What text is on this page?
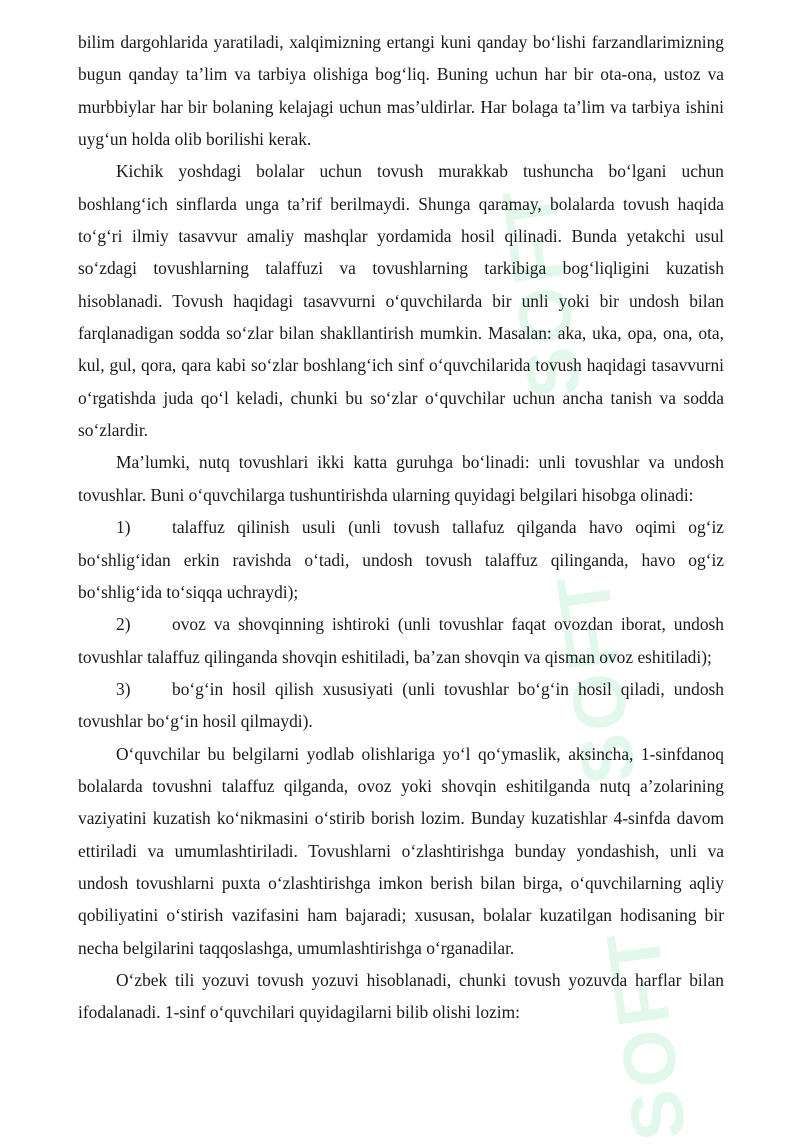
SOFT
SOFT
SOFT

bilim dargohlarida yaratiladi, xalqimizning ertangi kuni qanday bo‘lishi farzandlarimizning bugun qanday ta’lim va tarbiya olishiga bog‘liq. Buning uchun har bir ota-ona, ustoz va murbbiylar har bir bolaning kelajagi uchun mas’uldirlar. Har bolaga ta’lim va tarbiya ishini uyg‘un holda olib borilishi kerak.

Kichik yoshdagi bolalar uchun tovush murakkab tushuncha bo‘lgani uchun boshlang‘ich sinflarda unga ta’rif berilmaydi. Shunga qaramay, bolalarda tovush haqida to‘g‘ri ilmiy tasavvur amaliy mashqlar yordamida hosil qilinadi. Bunda yetakchi usul so‘zdagi tovushlarning talaffuzi va tovushlarning tarkibiga bog‘liqligini kuzatish hisoblanadi. Tovush haqidagi tasavvurni o‘quvchilarda bir unli yoki bir undosh bilan farqlanadigan sodda so‘zlar bilan shakllantirish mumkin. Masalan: aka, uka, opa, ona, ota, kul, gul, qora, qara kabi so‘zlar boshlang‘ich sinf o‘quvchilarida tovush haqidagi tasavvurni o‘rgatishda juda qo‘l keladi, chunki bu so‘zlar o‘quvchilar uchun ancha tanish va sodda so‘zlardir.

Ma’lumki, nutq tovushlari ikki katta guruhga bo‘linadi: unli tovushlar va undosh tovushlar. Buni o‘quvchilarga tushuntirishda ularning quyidagi belgilari hisobga olinadi:

1) talaffuz qilinish usuli (unli tovush tallafuz qilganda havo oqimi og‘iz bo‘shlig‘idan erkin ravishda o‘tadi, undosh tovush talaffuz qilinganda, havo og‘iz bo‘shlig‘ida to‘siqqa uchraydi);

2) ovoz va shovqinning ishtiroki (unli tovushlar faqat ovozdan iborat, undosh tovushlar talaffuz qilinganda shovqin eshitiladi, ba’zan shovqin va qisman ovoz eshitiladi);

3) bo‘g‘in hosil qilish xususiyati (unli tovushlar bo‘g‘in hosil qiladi, undosh tovushlar bo‘g‘in hosil qilmaydi).

O‘quvchilar bu belgilarni yodlab olishlariga yo‘l qo‘ymaslik, aksincha, 1-sinfdanoq bolalarda tovushni talaffuz qilganda, ovoz yoki shovqin eshitilganda nutq a’zolarining vaziyatini kuzatish ko‘nikmasini o‘stirib borish lozim. Bunday kuzatishlar 4-sinfda davom ettiriladi va umumlashtiriladi. Tovushlarni o‘zlashtirishga bunday yondashish, unli va undosh tovushlarni puxta o‘zlashtirishga imkon berish bilan birga, o‘quvchilarning aqliy qobiliyatini o‘stirish vazifasini ham bajaradi; xususan, bolalar kuzatilgan hodisaning bir necha belgilarini taqqoslashga, umumlashtirishga o‘rganadilar.

O‘zbek tili yozuvi tovush yozuvi hisoblanadi, chunki tovush yozuvda harflar bilan ifodalanadi. 1-sinf o‘quvchilari quyidagilarni bilib olishi lozim:
